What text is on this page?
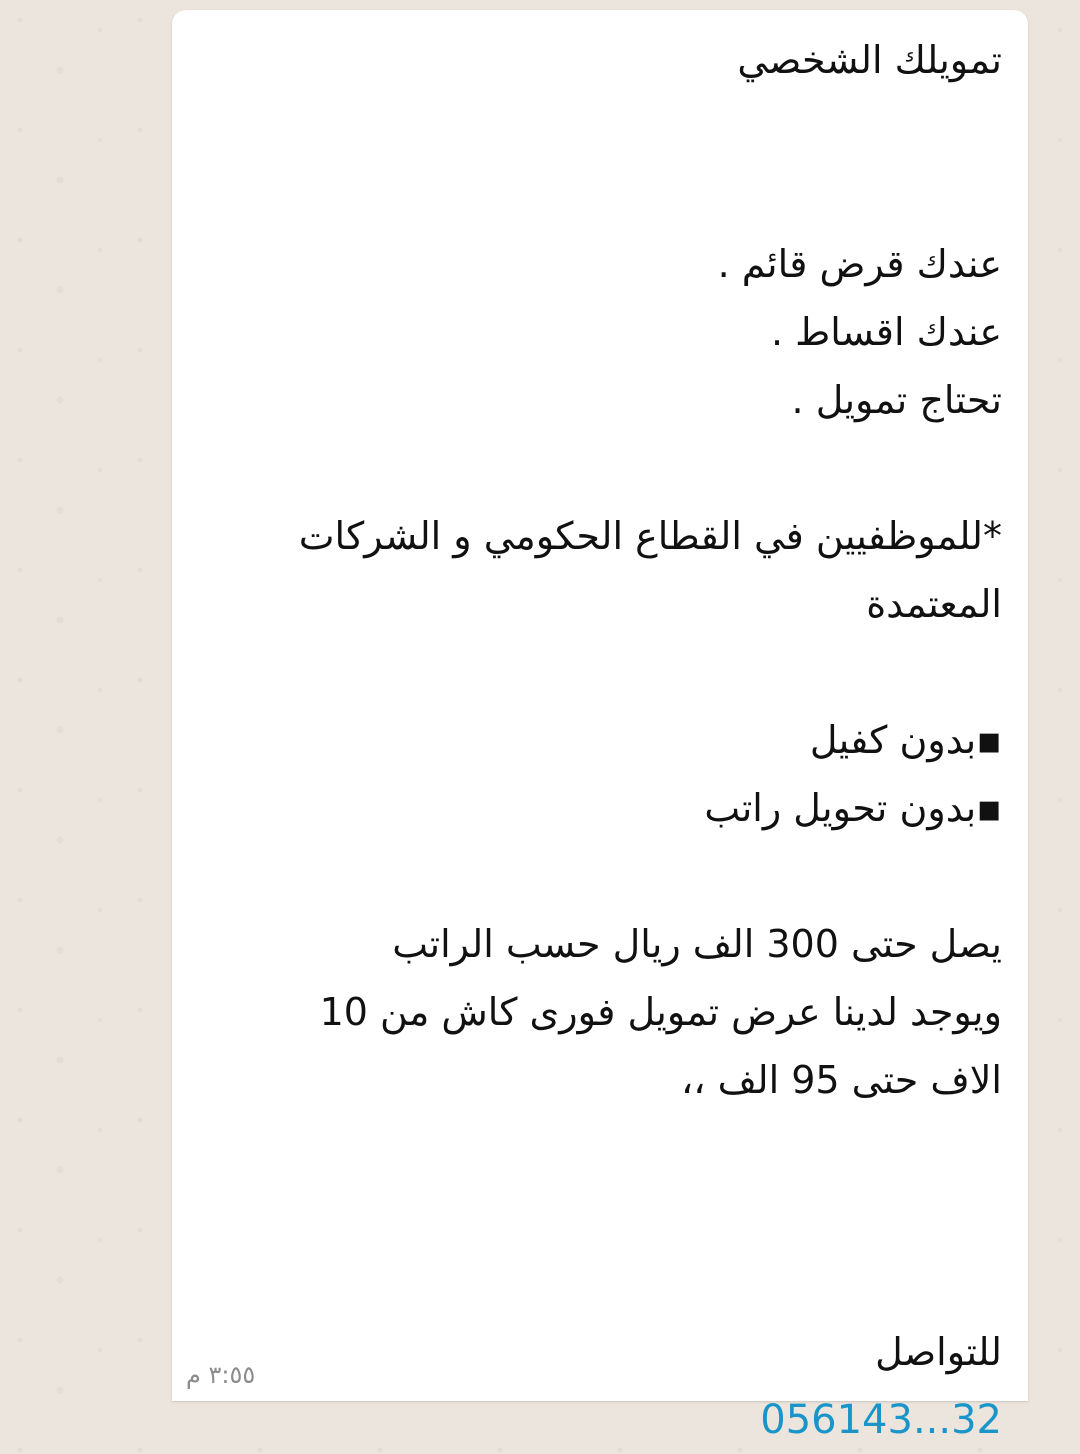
تمويلك الشخصي
عندك قرض قائم .
عندك اقساط .
تحتاج تمويل .
*للموظفيين في القطاع الحكومي و الشركات
المعتمدة
▪بدون كفيل
▪بدون تحويل راتب
يصل حتى 300 الف ريال حسب الراتب
ويوجد لدينا عرض تمويل فورى كاش من 10
الاف حتى 95 الف ،،
للتواصل
056143...32
٣:٥٥ م
